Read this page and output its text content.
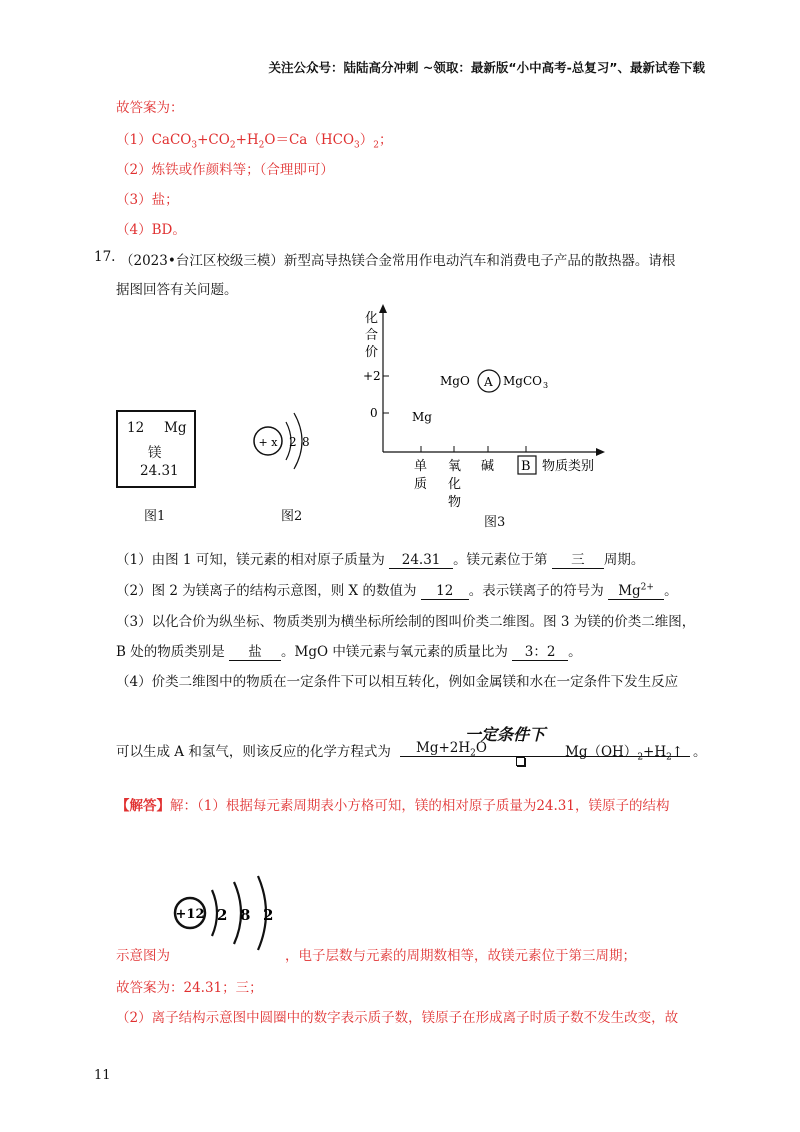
关注公众号：陆陆高分冲刺 ~领取：最新版“小中高考-总复习”、最新试卷下载
故答案为：
$(1)CaCO_3+CO_2+H_2O=Ca(HCO_3)_2$；
（2）炼铁或作颜料等；（合理即可）
（3）盐；
（4）BD。
17. （2023•台江区校级三模）新型高导热镁合金常用作电动汽车和消费电子产品的散热器。请根
据图回答有关问题。
12 Mg
镁
24.31
图1
+ x 2 8
图2
化
合
价
+2
0
单
质
氧
化
物
碱 B 物质类别
Mg
MgO A MgCO 3
图3
（1）由图 1 可知，镁元素的相对原子质量为 24.31 。镁元素位于第 三 周期。
（2）图 2 为镁离子的结构示意图，则 X 的数值为 12 。表示镁离子的符号为 $Mg^{2+}$ 。
（3）以化合价为纵坐标、物质类别为横坐标所绘制的图叫价类二维图。图 3 为镁的价类二维图，
B 处的物质类别是 盐 。MgO 中镁元素与氧元素的质量比为 3：2 。
（4）价类二维图中的物质在一定条件下可以相互转化，例如金属镁和水在一定条件下发生反应
一定条件下
可以生成 A 和氢气，则该反应的化学方程式为 $Mg+2H_2O$	$Mg(OH)_2+H_2↑$ 。
【解答】解：（1）根据每元素周期表小方格可知，镁的相对原子质量为24.31，镁原子的结构
+12 2 8 2
示意图为	，电子层数与元素的周期数相等，故镁元素位于第三周期；
故答案为：24.31；三；
（2）离子结构示意图中圆圈中的数字表示质子数，镁原子在形成离子时质子数不发生改变，故
11
